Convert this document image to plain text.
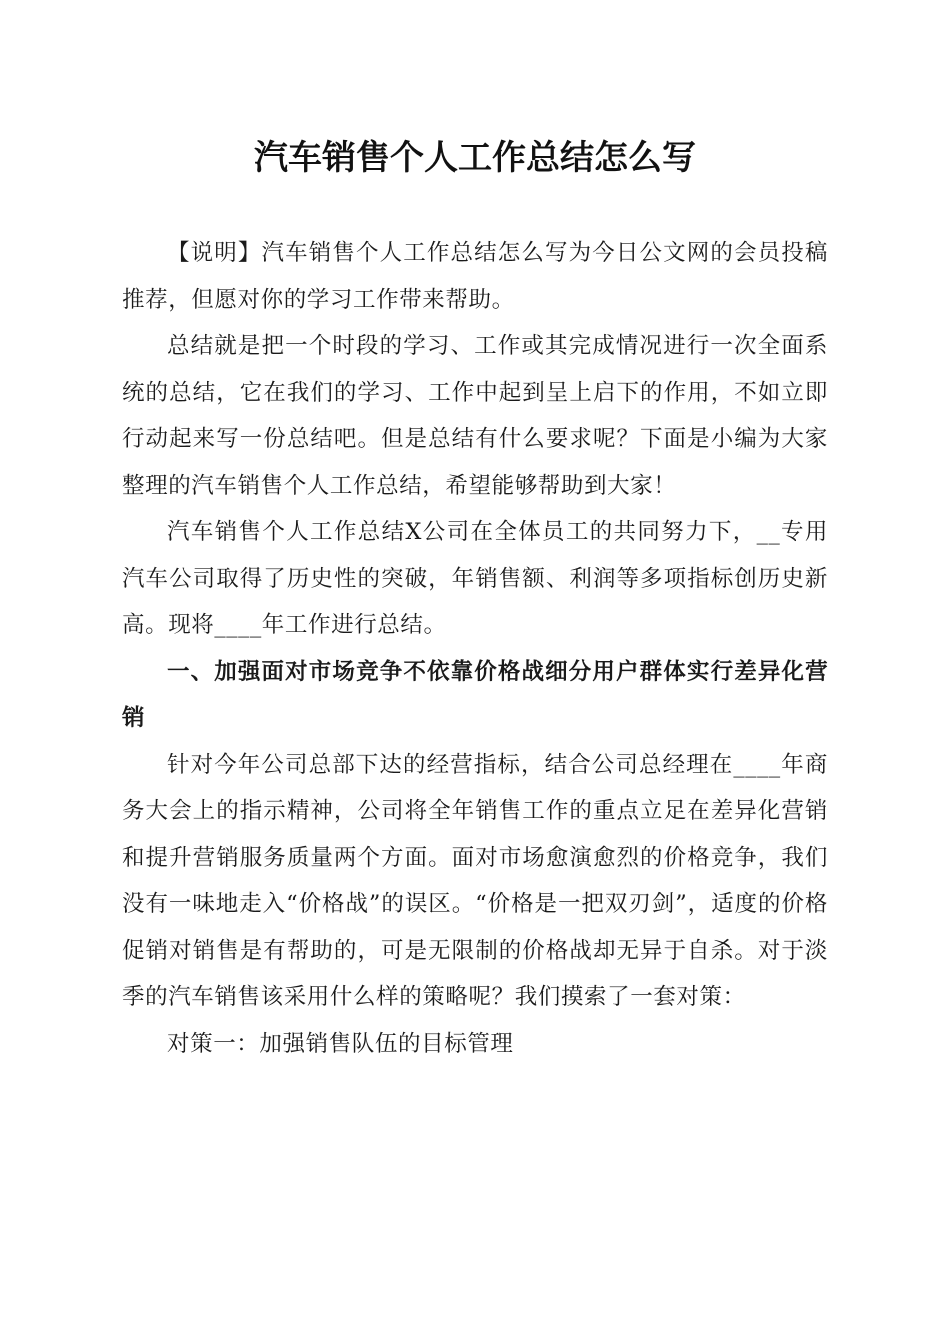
汽车销售个人工作总结怎么写

【说明】汽车销售个人工作总结怎么写为今日公文网的会员投稿推荐，但愿对你的学习工作带来帮助。

总结就是把一个时段的学习、工作或其完成情况进行一次全面系统的总结，它在我们的学习、工作中起到呈上启下的作用，不如立即行动起来写一份总结吧。但是总结有什么要求呢？下面是小编为大家整理的汽车销售个人工作总结，希望能够帮助到大家！

汽车销售个人工作总结X公司在全体员工的共同努力下，__专用汽车公司取得了历史性的突破，年销售额、利润等多项指标创历史新高。现将____年工作进行总结。

一、加强面对市场竞争不依靠价格战细分用户群体实行差异化营销

针对今年公司总部下达的经营指标，结合公司总经理在____年商务大会上的指示精神，公司将全年销售工作的重点立足在差异化营销和提升营销服务质量两个方面。面对市场愈演愈烈的价格竞争，我们没有一味地走入“价格战”的误区。“价格是一把双刃剑”，适度的价格促销对销售是有帮助的，可是无限制的价格战却无异于自杀。对于淡季的汽车销售该采用什么样的策略呢？我们摸索了一套对策：

对策一：加强销售队伍的目标管理
